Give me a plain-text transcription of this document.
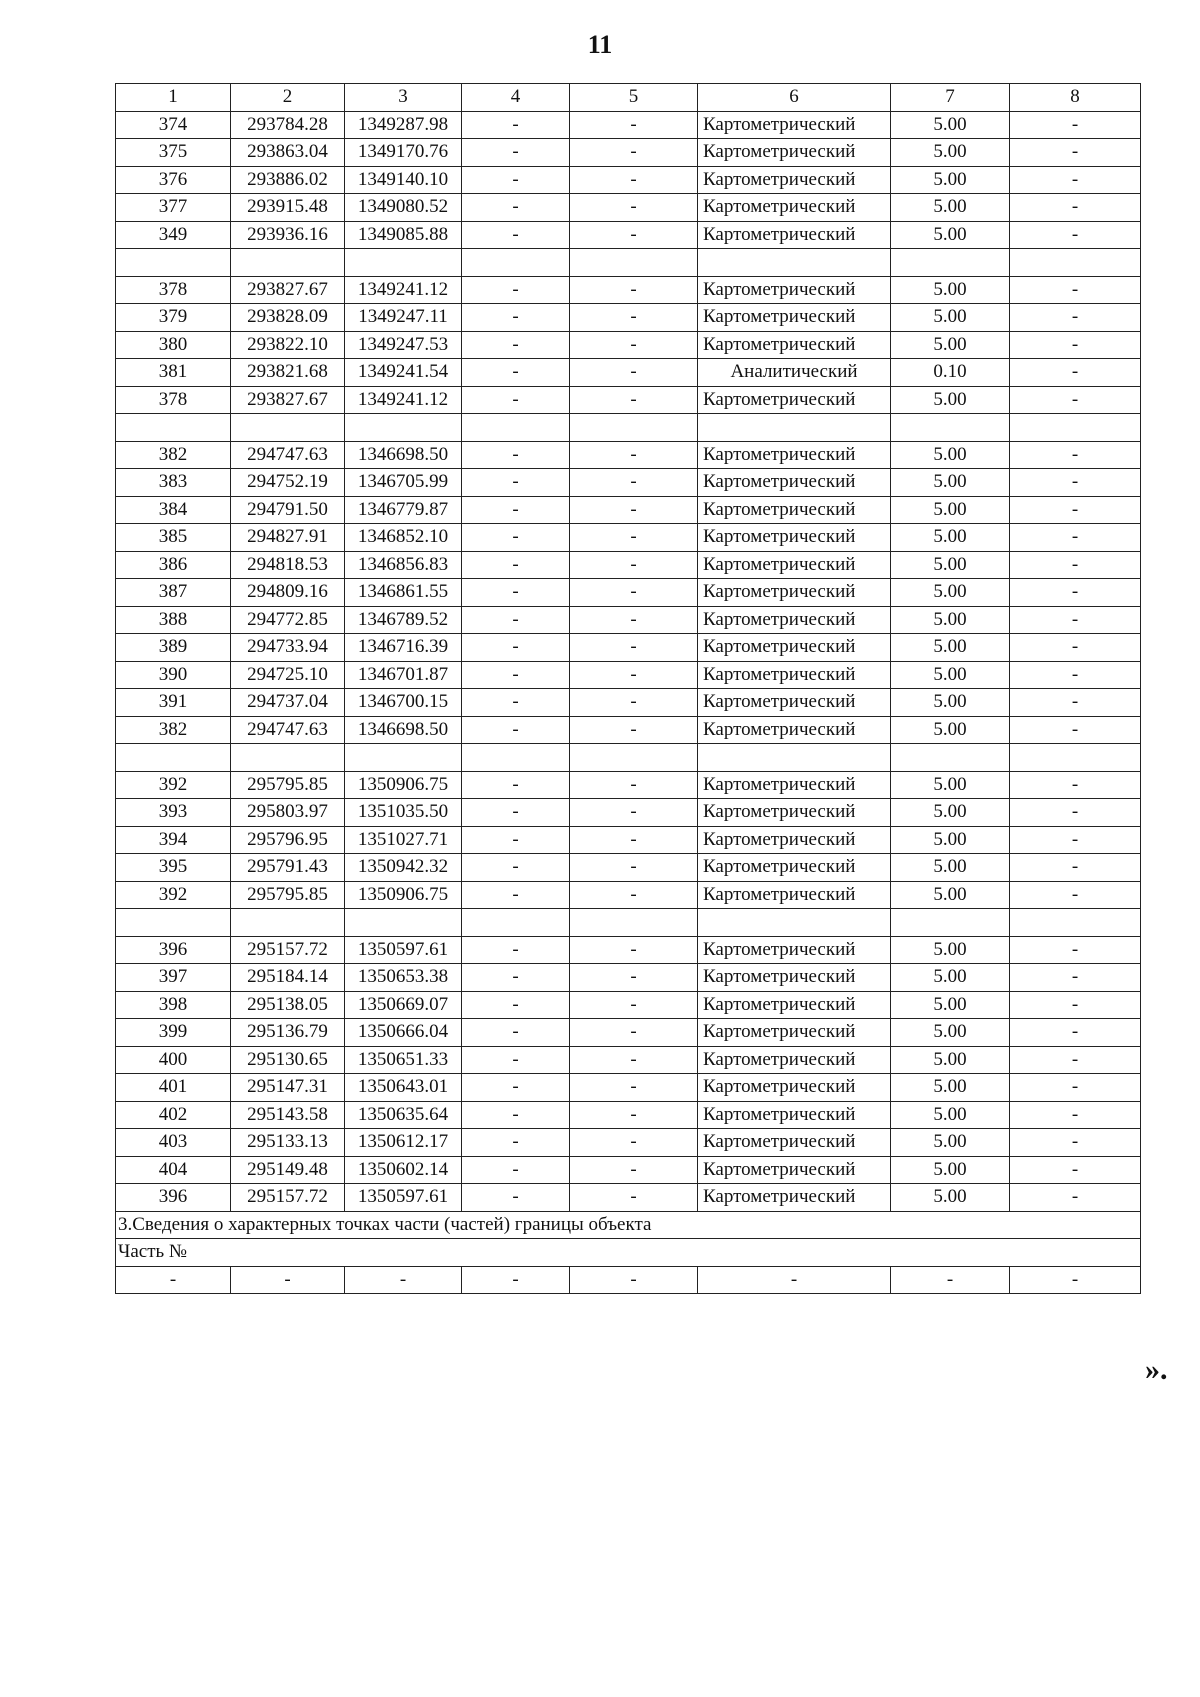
11
1	2	3	4	5	6	7	8
374	293784.28	1349287.98	-	-	Картометрический	5.00	-
375	293863.04	1349170.76	-	-	Картометрический	5.00	-
376	293886.02	1349140.10	-	-	Картометрический	5.00	-
377	293915.48	1349080.52	-	-	Картометрический	5.00	-
349	293936.16	1349085.88	-	-	Картометрический	5.00	-

378	293827.67	1349241.12	-	-	Картометрический	5.00	-
379	293828.09	1349247.11	-	-	Картометрический	5.00	-
380	293822.10	1349247.53	-	-	Картометрический	5.00	-
381	293821.68	1349241.54	-	-	Аналитический	0.10	-
378	293827.67	1349241.12	-	-	Картометрический	5.00	-

382	294747.63	1346698.50	-	-	Картометрический	5.00	-
383	294752.19	1346705.99	-	-	Картометрический	5.00	-
384	294791.50	1346779.87	-	-	Картометрический	5.00	-
385	294827.91	1346852.10	-	-	Картометрический	5.00	-
386	294818.53	1346856.83	-	-	Картометрический	5.00	-
387	294809.16	1346861.55	-	-	Картометрический	5.00	-
388	294772.85	1346789.52	-	-	Картометрический	5.00	-
389	294733.94	1346716.39	-	-	Картометрический	5.00	-
390	294725.10	1346701.87	-	-	Картометрический	5.00	-
391	294737.04	1346700.15	-	-	Картометрический	5.00	-
382	294747.63	1346698.50	-	-	Картометрический	5.00	-

392	295795.85	1350906.75	-	-	Картометрический	5.00	-
393	295803.97	1351035.50	-	-	Картометрический	5.00	-
394	295796.95	1351027.71	-	-	Картометрический	5.00	-
395	295791.43	1350942.32	-	-	Картометрический	5.00	-
392	295795.85	1350906.75	-	-	Картометрический	5.00	-

396	295157.72	1350597.61	-	-	Картометрический	5.00	-
397	295184.14	1350653.38	-	-	Картометрический	5.00	-
398	295138.05	1350669.07	-	-	Картометрический	5.00	-
399	295136.79	1350666.04	-	-	Картометрический	5.00	-
400	295130.65	1350651.33	-	-	Картометрический	5.00	-
401	295147.31	1350643.01	-	-	Картометрический	5.00	-
402	295143.58	1350635.64	-	-	Картометрический	5.00	-
403	295133.13	1350612.17	-	-	Картометрический	5.00	-
404	295149.48	1350602.14	-	-	Картометрический	5.00	-
396	295157.72	1350597.61	-	-	Картометрический	5.00	-
3.Сведения о характерных точках части (частей) границы объекта							
Часть №							
-	-	-	-	-	-	-	-
».
